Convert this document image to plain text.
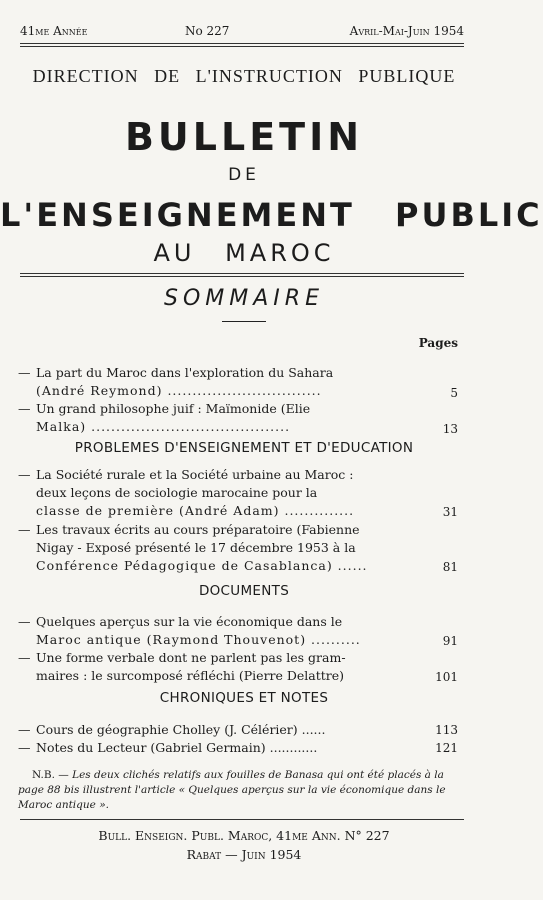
41me Année	No 227	Avril-Mai-Juin 1954
DIRECTION DE L'INSTRUCTION PUBLIQUE
BULLETIN
DE
L'ENSEIGNEMENT PUBLIC
AU MAROC
SOMMAIRE
Pages

— La part du Maroc dans l'exploration du Sahara

(André Reymond) ...............................	5

— Un grand philosophe juif : Maïmonide (Elie

Malka) ........................................	13
PROBLEMES D'ENSEIGNEMENT ET D'EDUCATION

— La Société rurale et la Société urbaine au Maroc :

deux leçons de sociologie marocaine pour la

classe de première (André Adam) ..............	31

— Les travaux écrits au cours préparatoire (Fabienne

Nigay - Exposé présenté le 17 décembre 1953 à la

Conférence Pédagogique de Casablanca) ......	81
DOCUMENTS

— Quelques aperçus sur la vie économique dans le

Maroc antique (Raymond Thouvenot) ..........	91

— Une forme verbale dont ne parlent pas les gram-

maires : le surcomposé réfléchi (Pierre Delattre)	101
CHRONIQUES ET NOTES

— Cours de géographie Cholley (J. Célérier) ......	113

— Notes du Lecteur (Gabriel Germain) ............	121
N.B. — Les deux clichés relatifs aux fouilles de Banasa qui ont été placés à la page 88 bis illustrent l'article « Quelques aperçus sur la vie économique dans le Maroc antique ».
Bull. Enseign. Publ. Maroc, 41me Ann. N° 227
Rabat — Juin 1954
